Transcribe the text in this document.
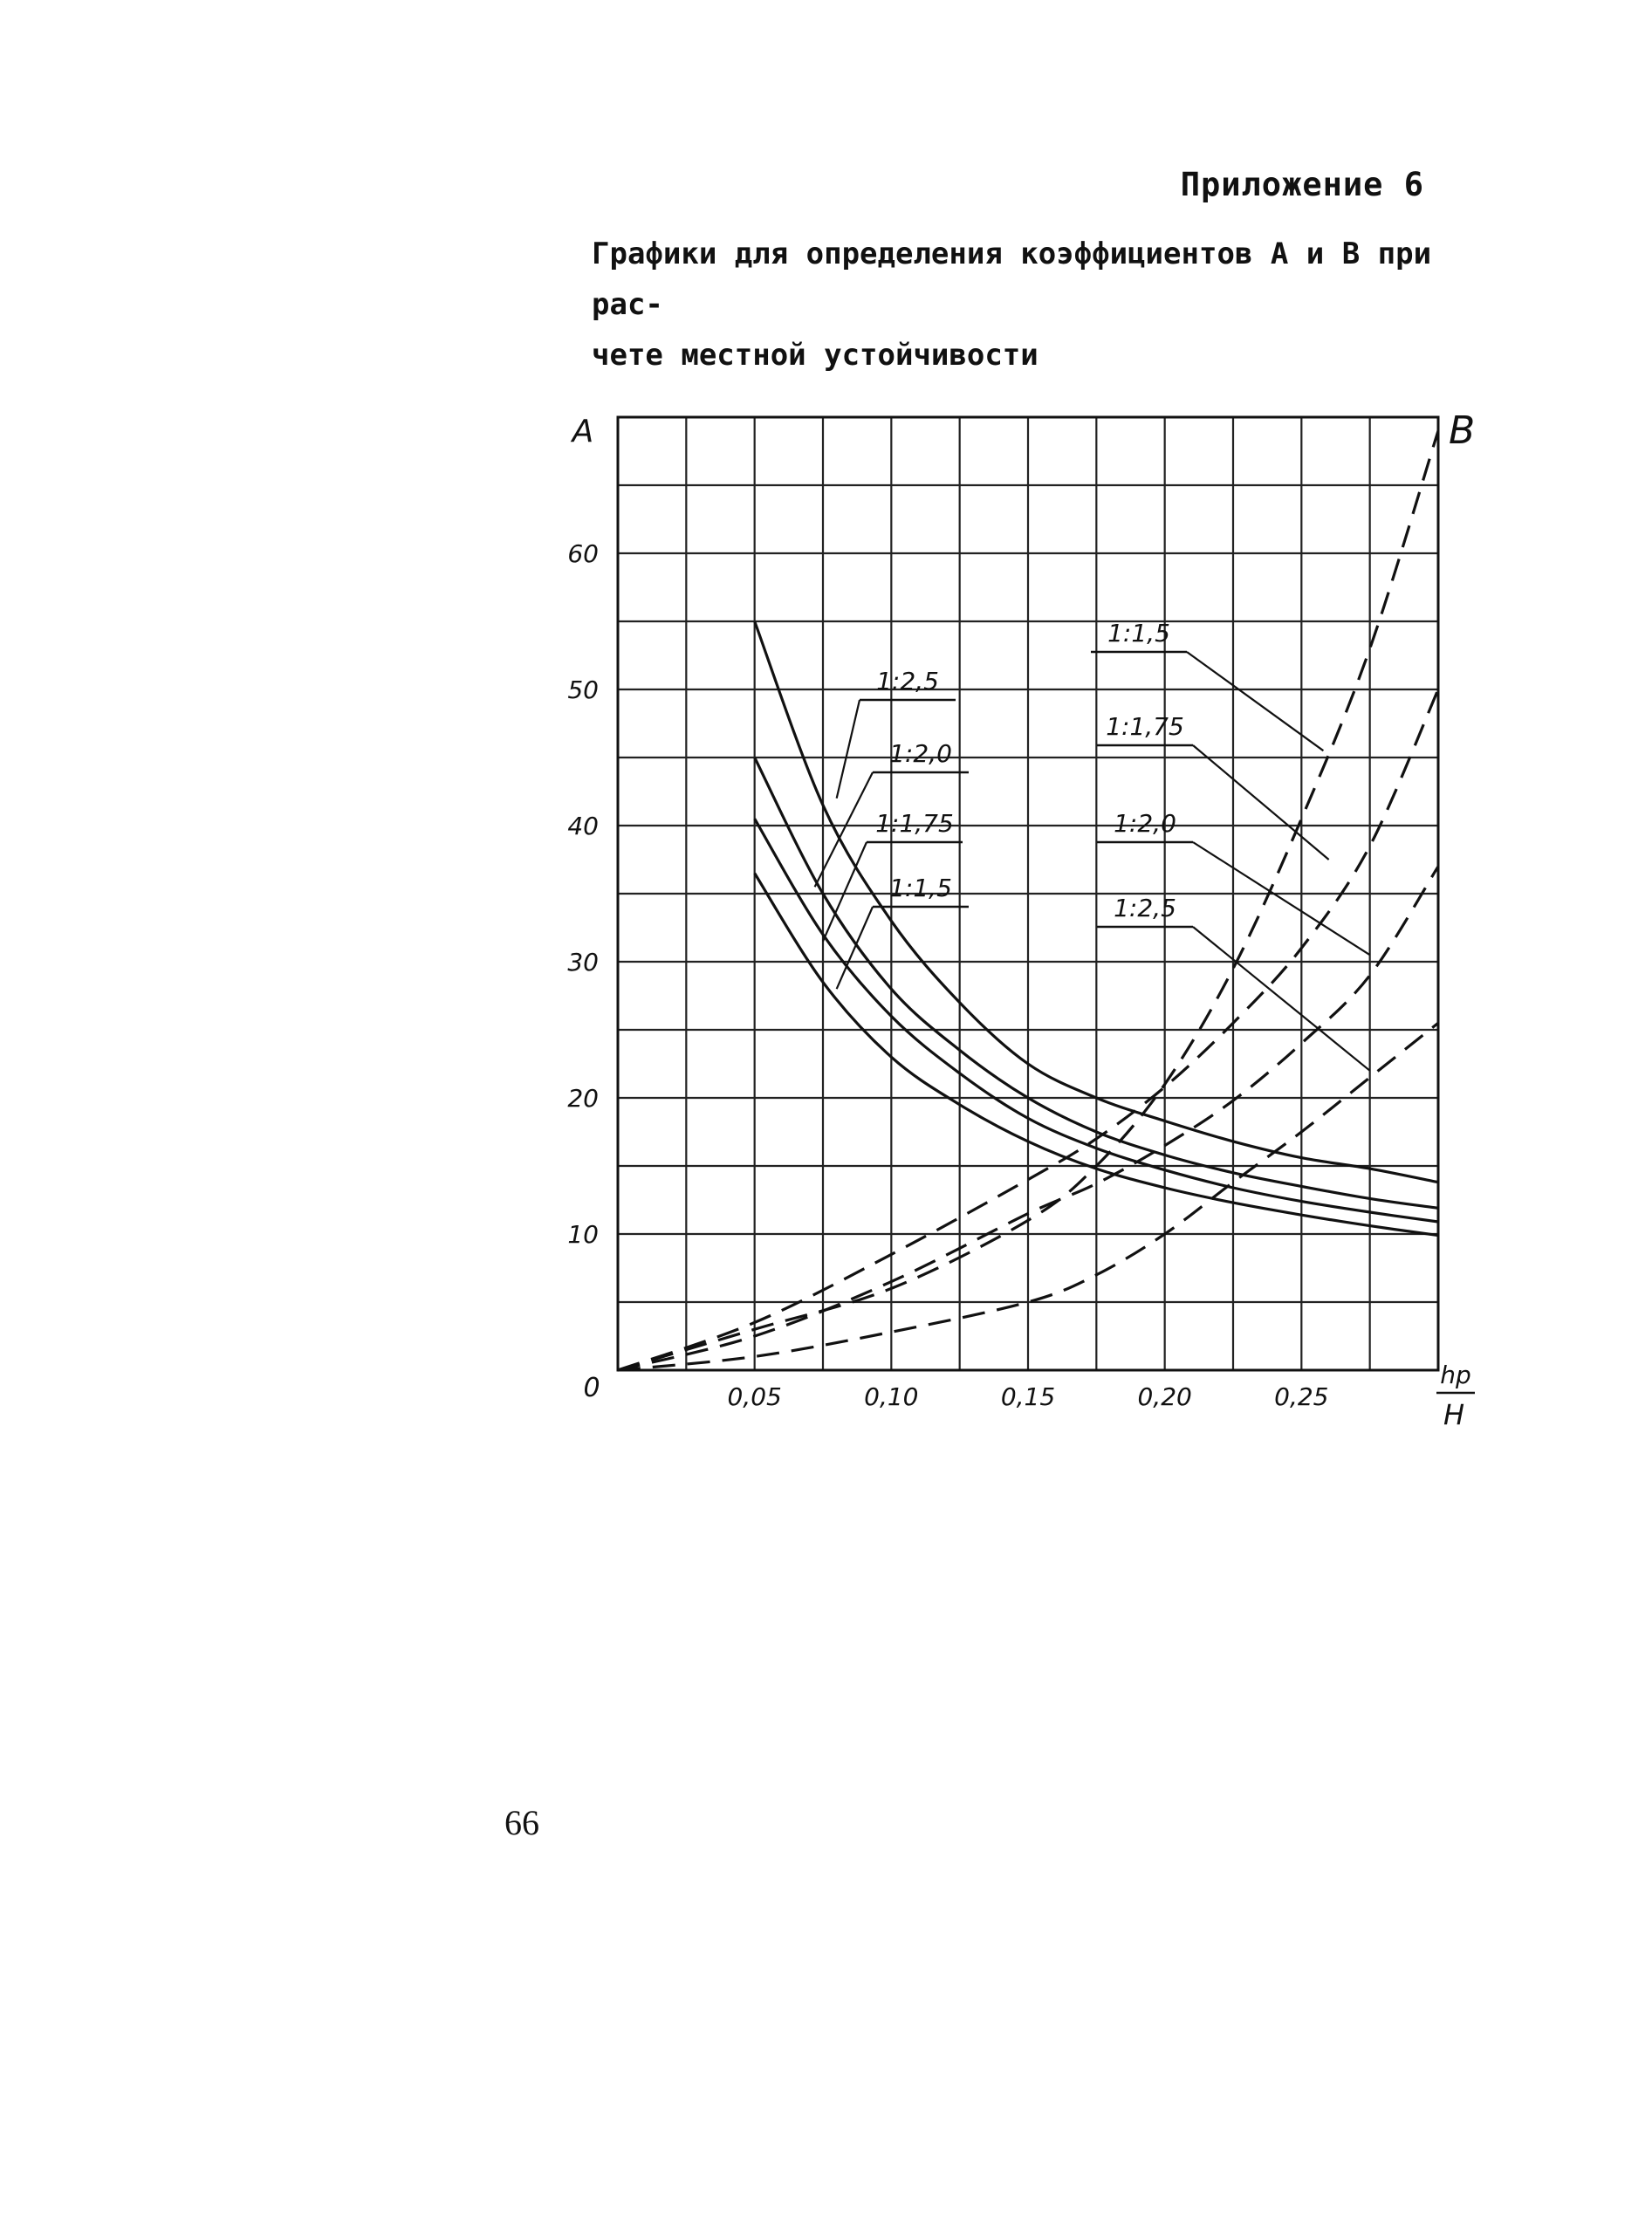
Приложение 6
Графики для определения коэффициентов А и В при рас-
чете местной устойчивости
0,05	0,10	0,15	0,20	0,25
10
20
30
40
50
60
1:2,5
1:2,0
1:1,75
1:1,5
1:1,5
1:1,75
1:2,0
1:2,5
A	B
0	hр
H
66
